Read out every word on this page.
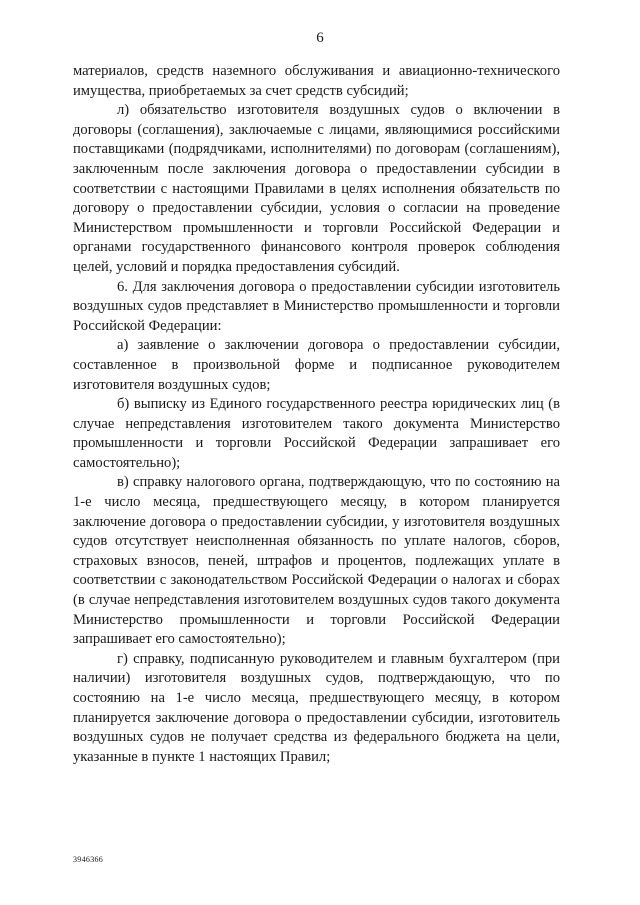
6

материалов, средств наземного обслуживания и авиационно-технического имущества, приобретаемых за счет средств субсидий;

л) обязательство изготовителя воздушных судов о включении в договоры (соглашения), заключаемые с лицами, являющимися российскими поставщиками (подрядчиками, исполнителями) по договорам (соглашениям), заключенным после заключения договора о предоставлении субсидии в соответствии с настоящими Правилами в целях исполнения обязательств по договору о предоставлении субсидии, условия о согласии на проведение Министерством промышленности и торговли Российской Федерации и органами государственного финансового контроля проверок соблюдения целей, условий и порядка предоставления субсидий.

6. Для заключения договора о предоставлении субсидии изготовитель воздушных судов представляет в Министерство промышленности и торговли Российской Федерации:

а) заявление о заключении договора о предоставлении субсидии, составленное в произвольной форме и подписанное руководителем изготовителя воздушных судов;

б) выписку из Единого государственного реестра юридических лиц (в случае непредставления изготовителем такого документа Министерство промышленности и торговли Российской Федерации запрашивает его самостоятельно);

в) справку налогового органа, подтверждающую, что по состоянию на 1-е число месяца, предшествующего месяцу, в котором планируется заключение договора о предоставлении субсидии, у изготовителя воздушных судов отсутствует неисполненная обязанность по уплате налогов, сборов, страховых взносов, пеней, штрафов и процентов, подлежащих уплате в соответствии с законодательством Российской Федерации о налогах и сборах (в случае непредставления изготовителем воздушных судов такого документа Министерство промышленности и торговли Российской Федерации запрашивает его самостоятельно);

г) справку, подписанную руководителем и главным бухгалтером (при наличии) изготовителя воздушных судов, подтверждающую, что по состоянию на 1-е число месяца, предшествующего месяцу, в котором планируется заключение договора о предоставлении субсидии, изготовитель воздушных судов не получает средства из федерального бюджета на цели, указанные в пункте 1 настоящих Правил;

3946366
